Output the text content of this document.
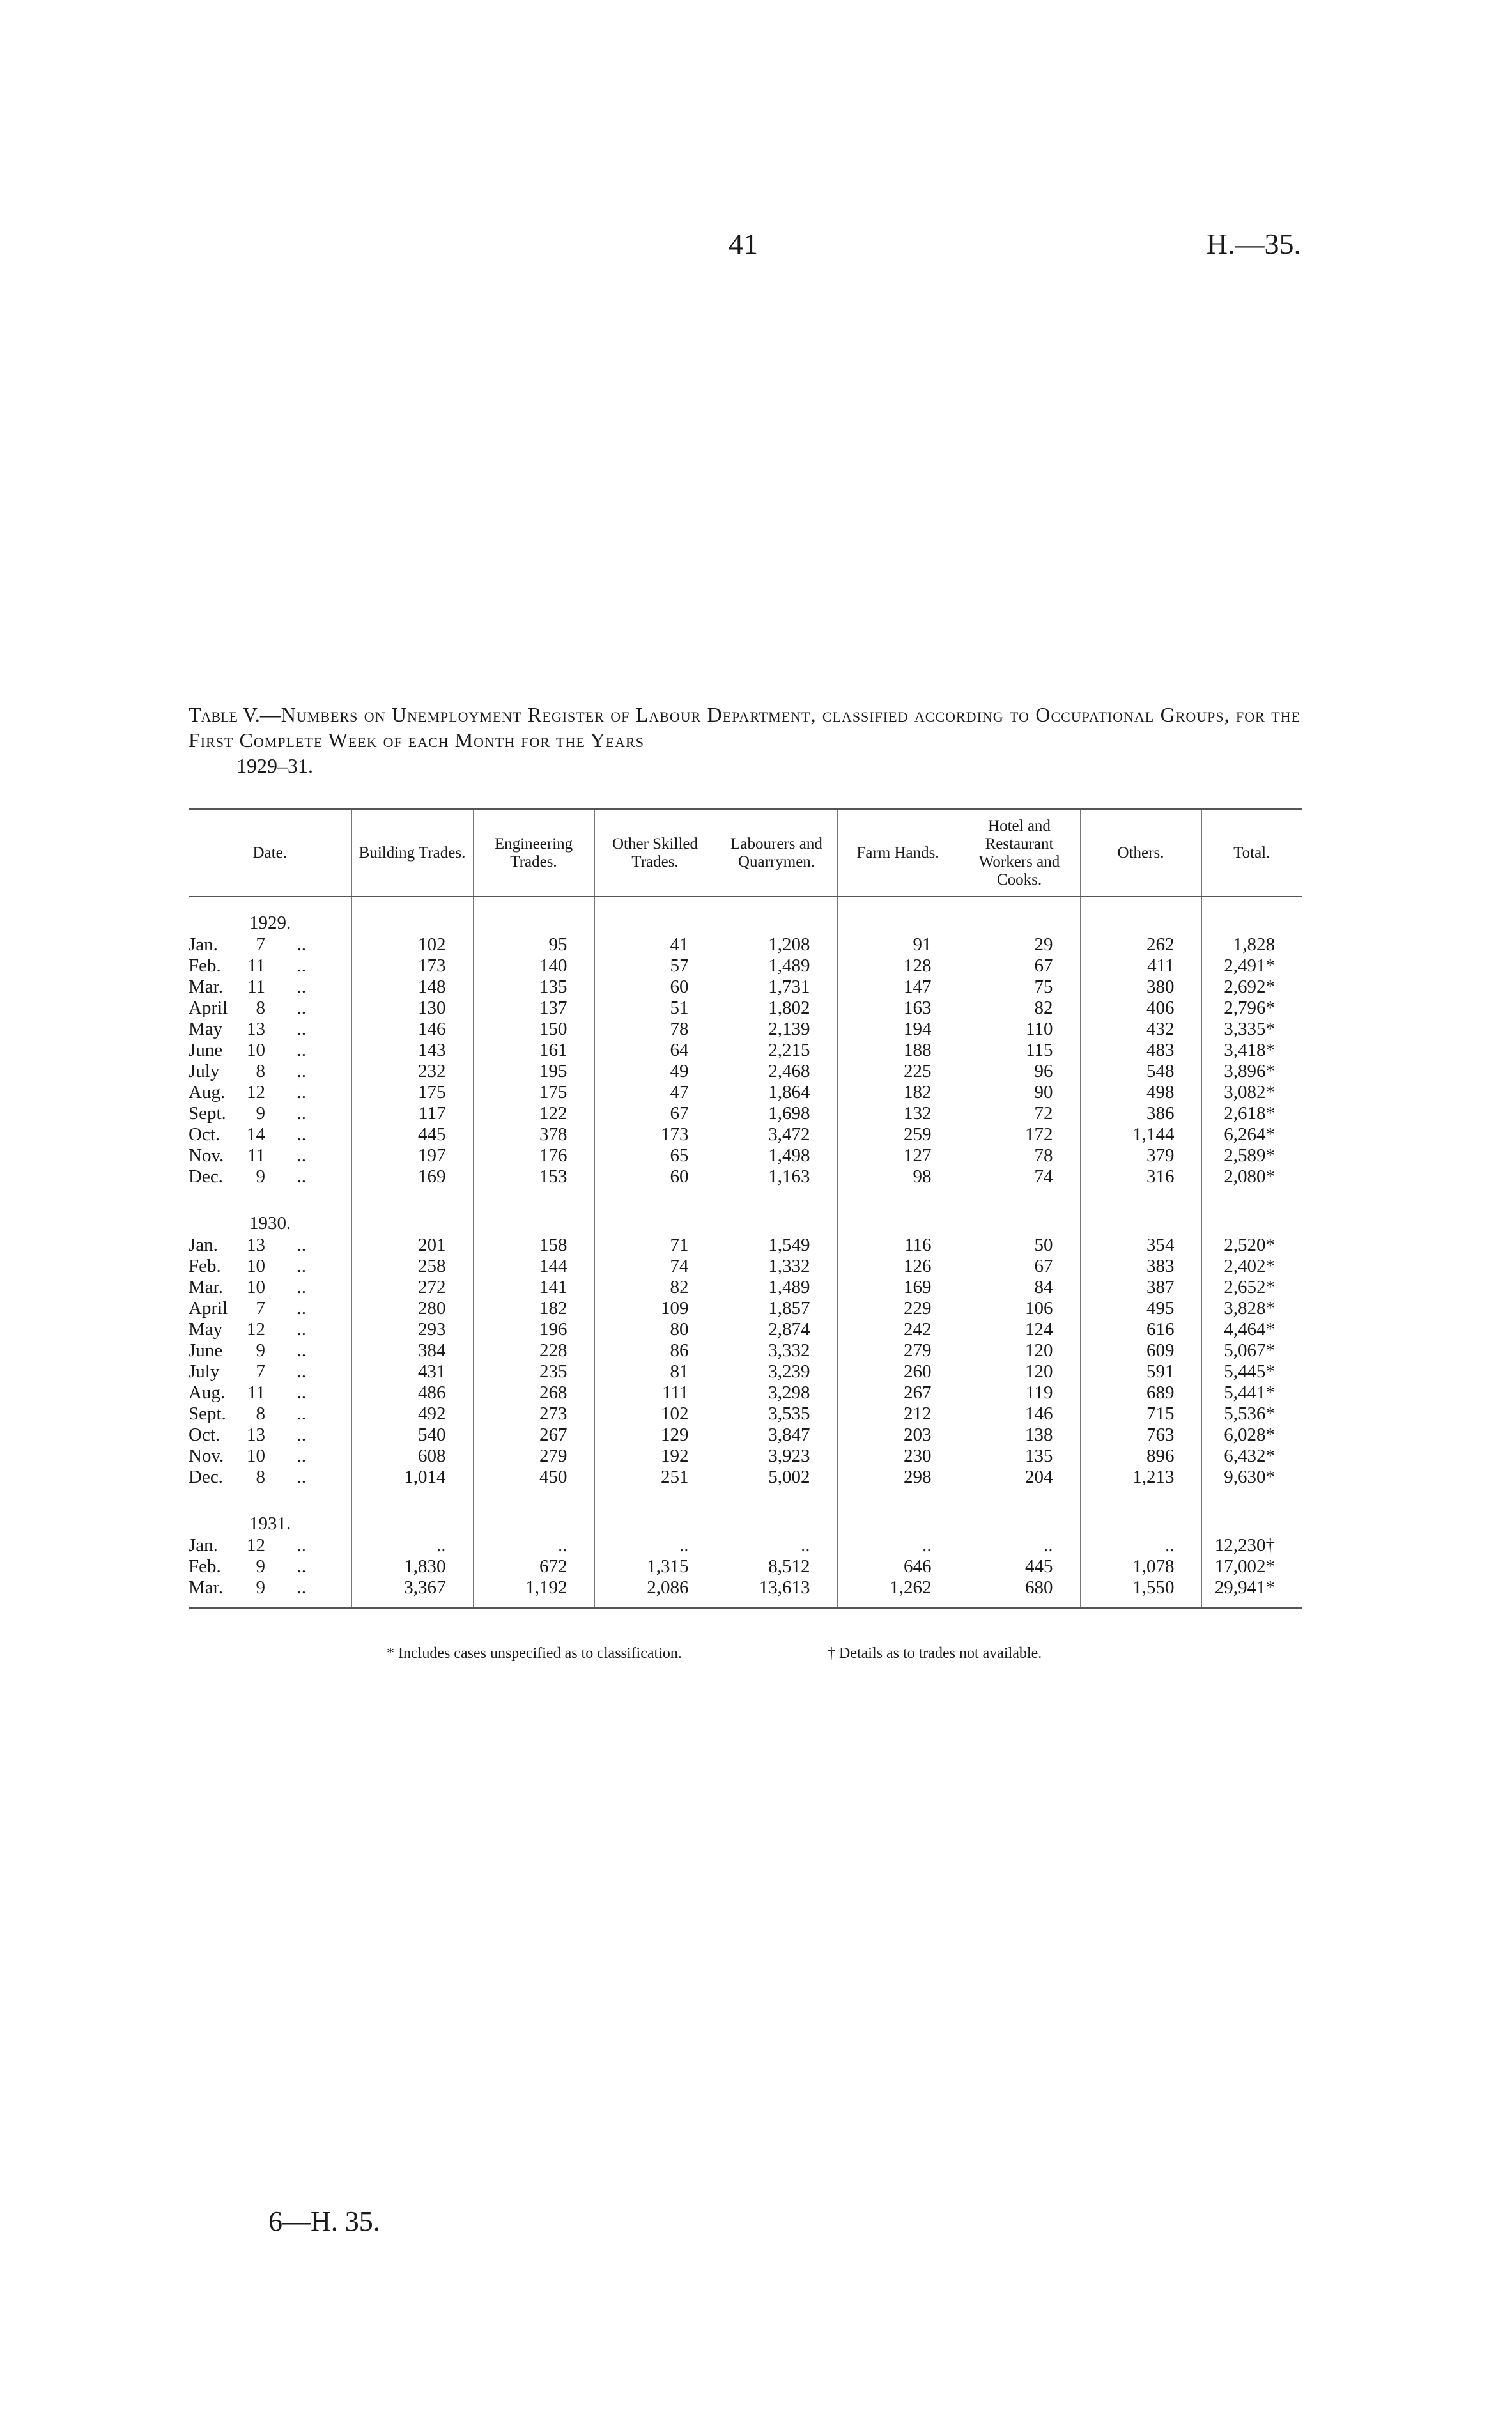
41	H.—35.
Table V.—Numbers on Unemployment Register of Labour Department, classified according to Occupational Groups, for the First Complete Week of each Month for the Years
1929–31.
Date.	Building Trades.	Engineering Trades.	Other Skilled Trades.	Labourers and Quarrymen.	Farm Hands.	Hotel and Restaurant Workers and Cooks.	Others.	Total.

1929.								
Jan. 7 ..	102	95	41	1,208	91	29	262	1,828
Feb. 11 ..	173	140	57	1,489	128	67	411	2,491*
Mar. 11 ..	148	135	60	1,731	147	75	380	2,692*
April 8 ..	130	137	51	1,802	163	82	406	2,796*
May 13 ..	146	150	78	2,139	194	110	432	3,335*
June 10 ..	143	161	64	2,215	188	115	483	3,418*
July 8 ..	232	195	49	2,468	225	96	548	3,896*
Aug. 12 ..	175	175	47	1,864	182	90	498	3,082*
Sept. 9 ..	117	122	67	1,698	132	72	386	2,618*
Oct. 14 ..	445	378	173	3,472	259	172	1,144	6,264*
Nov. 11 ..	197	176	65	1,498	127	78	379	2,589*
Dec. 9 ..	169	153	60	1,163	98	74	316	2,080*

1930.								
Jan. 13 ..	201	158	71	1,549	116	50	354	2,520*
Feb. 10 ..	258	144	74	1,332	126	67	383	2,402*
Mar. 10 ..	272	141	82	1,489	169	84	387	2,652*
April 7 ..	280	182	109	1,857	229	106	495	3,828*
May 12 ..	293	196	80	2,874	242	124	616	4,464*
June 9 ..	384	228	86	3,332	279	120	609	5,067*
July 7 ..	431	235	81	3,239	260	120	591	5,445*
Aug. 11 ..	486	268	111	3,298	267	119	689	5,441*
Sept. 8 ..	492	273	102	3,535	212	146	715	5,536*
Oct. 13 ..	540	267	129	3,847	203	138	763	6,028*
Nov. 10 ..	608	279	192	3,923	230	135	896	6,432*
Dec. 8 ..	1,014	450	251	5,002	298	204	1,213	9,630*

1931.								
Jan. 12 ..	..	..	..	..	..	..	..	12,230†
Feb. 9 ..	1,830	672	1,315	8,512	646	445	1,078	17,002*
Mar. 9 ..	3,367	1,192	2,086	13,613	1,262	680	1,550	29,941*
* Includes cases unspecified as to classification.	† Details as to trades not available.
6—H. 35.
